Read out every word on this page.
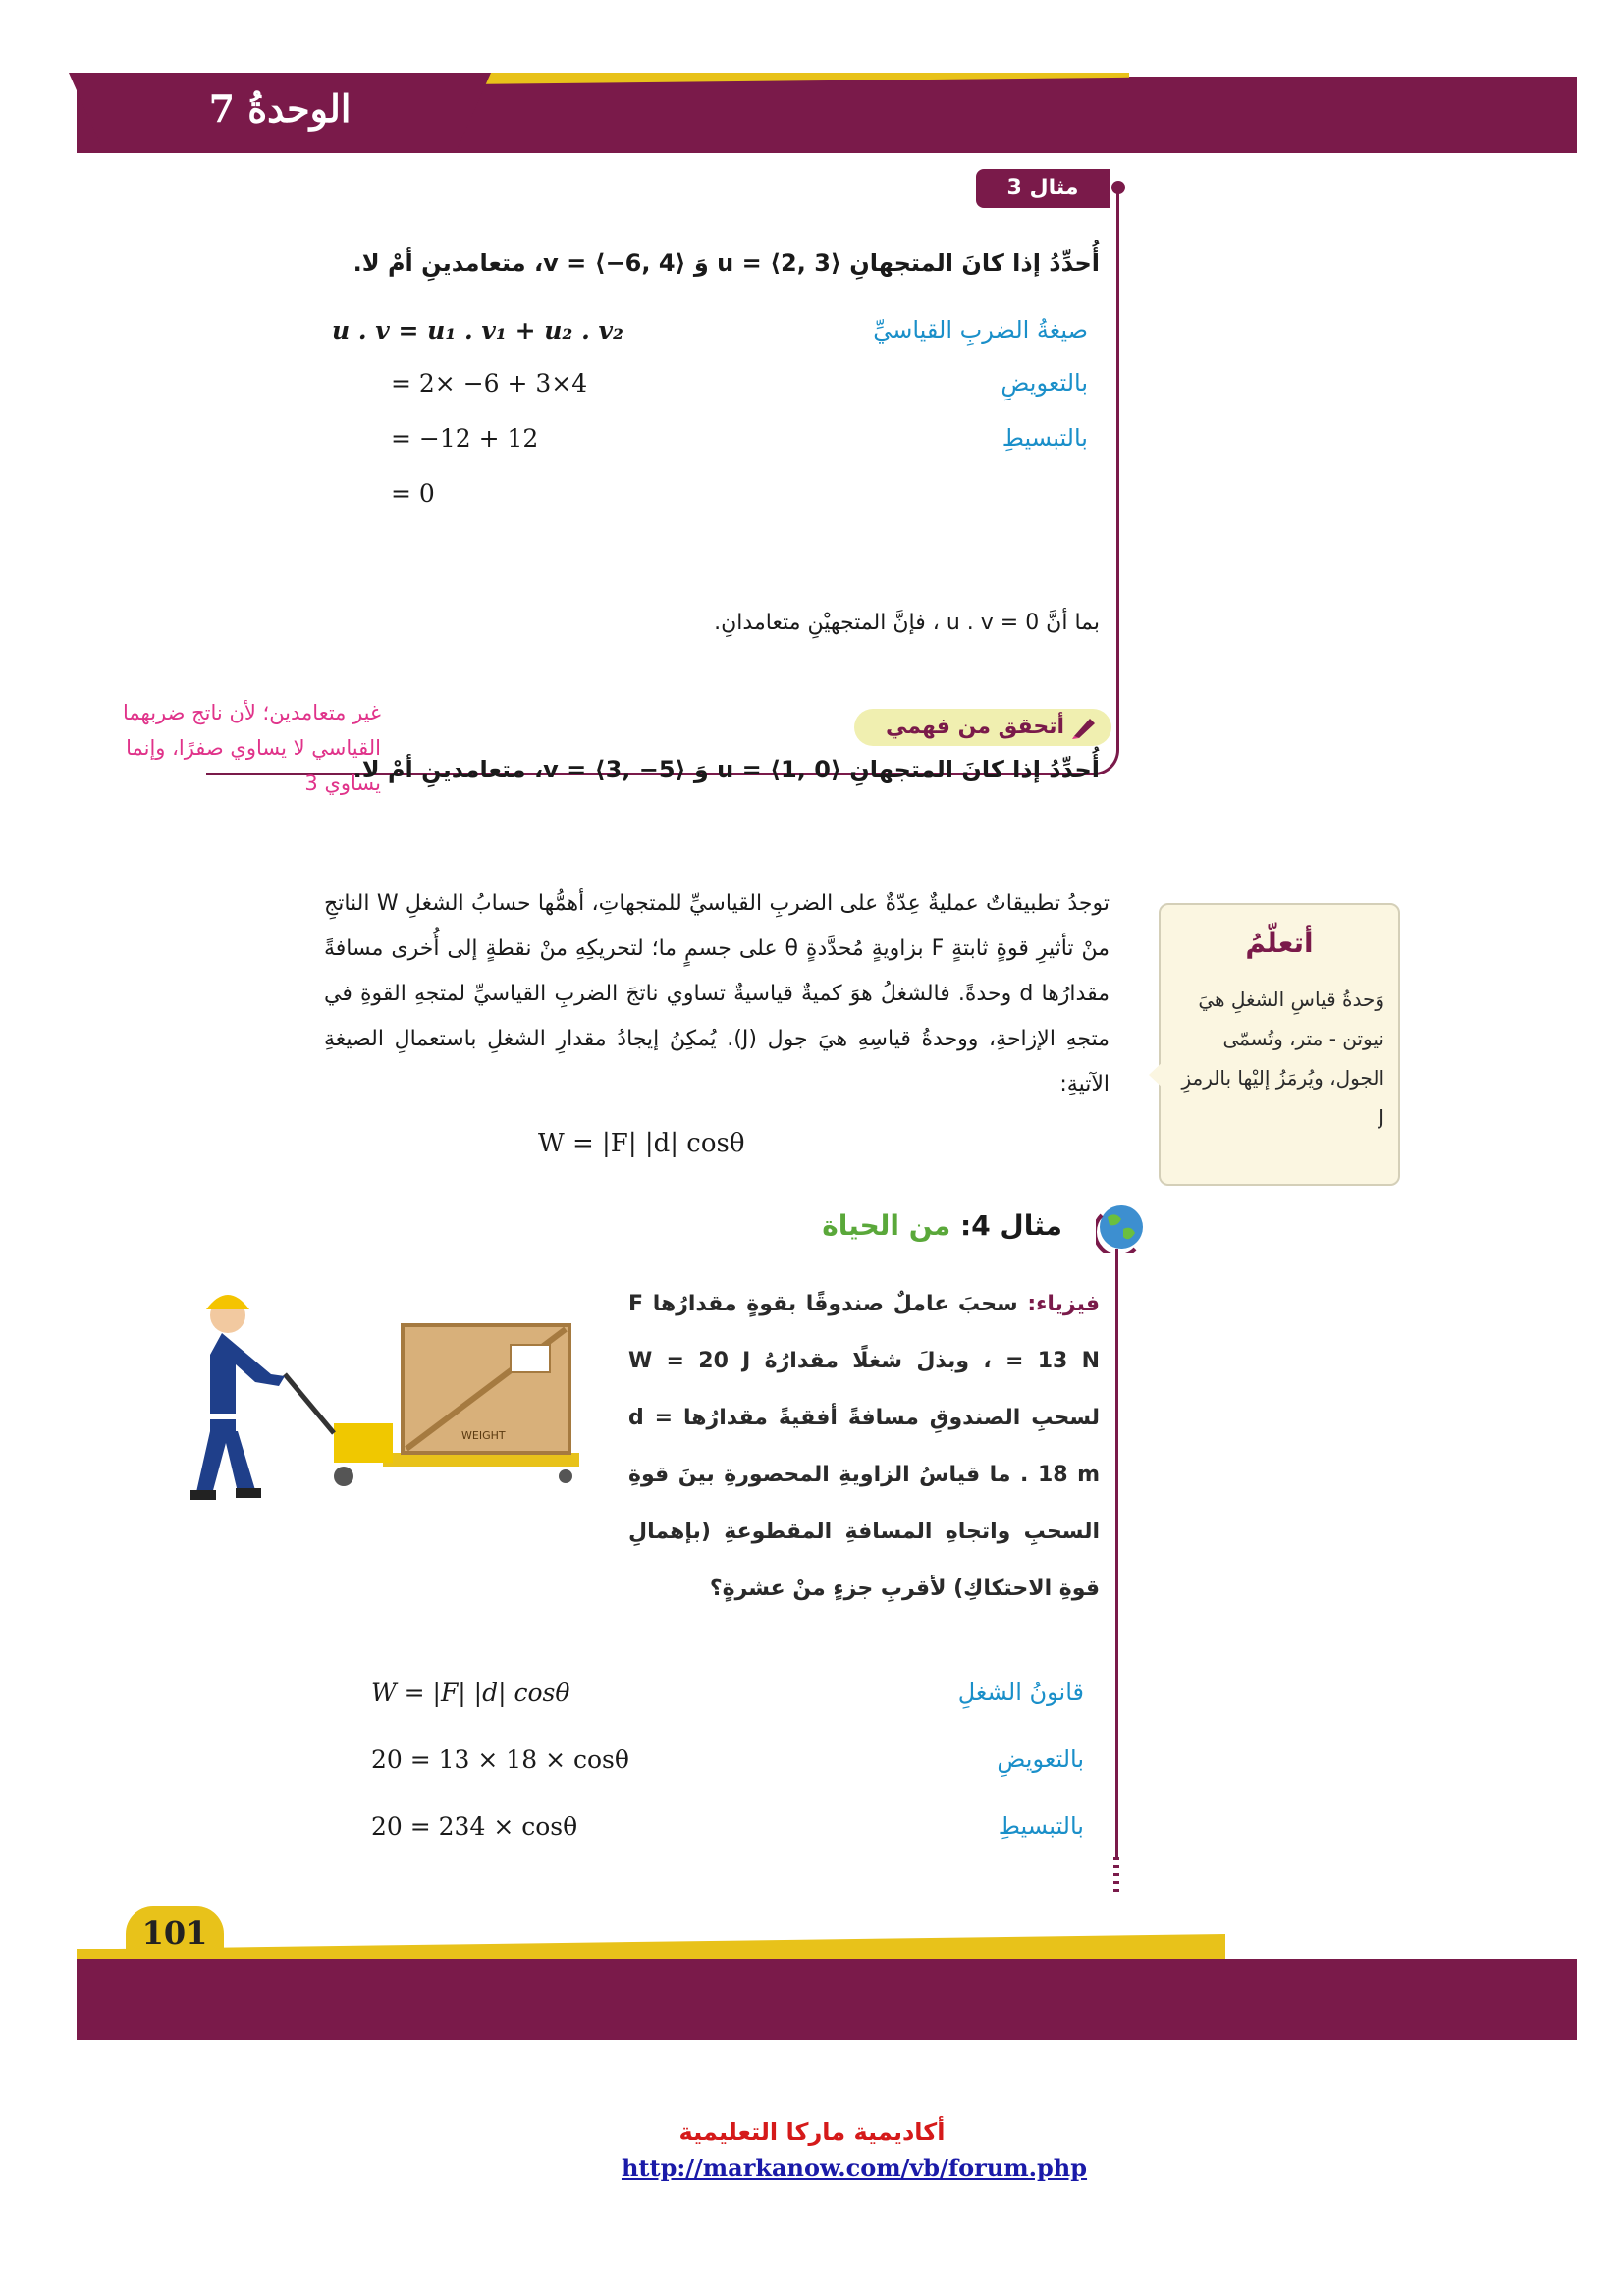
الوحدةُ 7
مثال 3
أُحدِّدُ إذا كانَ المتجهانِ u = ⟨2, 3⟩ وَ v = ⟨−6, 4⟩، متعامدينِ أمْ لا.
صيغةُ الضربِ القياسيِّ
u . v = u₁ . v₁ + u₂ . v₂
بالتعويضِ
= 2× −6 + 3×4
بالتبسيطِ
= −12 + 12
= 0
بما أنَّ u . v = 0 ، فإنَّ المتجهيْنِ متعامدانِ.
أتحقق من فهمي
أُحدِّدُ إذا كانَ المتجهانِ u = ⟨1, 0⟩ وَ v = ⟨3, −5⟩، متعامدينِ أمْ لا.
غير متعامدين؛ لأن ناتج ضربهما القياسي لا يساوي صفرًا، وإنما يساوي 3
توجدُ تطبيقاتٌ عمليةٌ عِدّةٌ على الضربِ القياسيِّ للمتجهاتِ، أهمُّها حسابُ الشغلِ W الناتجِ منْ تأثيرِ قوةٍ ثابتةٍ F بزاويةٍ مُحدَّدةٍ θ على جسمٍ ما؛ لتحريكِهِ منْ نقطةٍ إلى أُخرى مسافةً مقدارُها d وحدةً. فالشغلُ هوَ كميةٌ قياسيةٌ تساوي ناتجَ الضربِ القياسيِّ لمتجهِ القوةِ في متجهِ الإزاحةِ، ووحدةُ قياسِهِ هيَ جول (J). يُمكِنُ إيجادُ مقدارِ الشغلِ باستعمالِ الصيغةِ الآتيةِ:
W = |F| |d| cosθ
أتعلّمُ
وَحدةُ قياسِ الشغلِ هيَ نيوتن - متر، وتُسمّى الجول، ويُرمَزُ إليْها بالرمزِ J
مثال 4: من الحياة
فيزياء: سحبَ عاملٌ صندوقًا بقوةٍ مقدارُها F = 13 N ، وبذلَ شغلًا مقدارُهُ W = 20 J لسحبِ الصندوقِ مسافةً أفقيةً مقدارُها d = 18 m . ما قياسُ الزاويةِ المحصورةِ بينَ قوةِ السحبِ واتجاهِ المسافةِ المقطوعةِ (بإهمالِ قوةِ الاحتكاكِ) لأقربِ جزءٍ منْ عشرةٍ؟
WEIGHT
قانونُ الشغلِ
W = |F| |d| cosθ
بالتعويضِ
20 = 13 × 18 × cosθ
بالتبسيطِ
20 = 234 × cosθ
101
أكاديمية ماركا التعليمية
http://markanow.com/vb/forum.php
